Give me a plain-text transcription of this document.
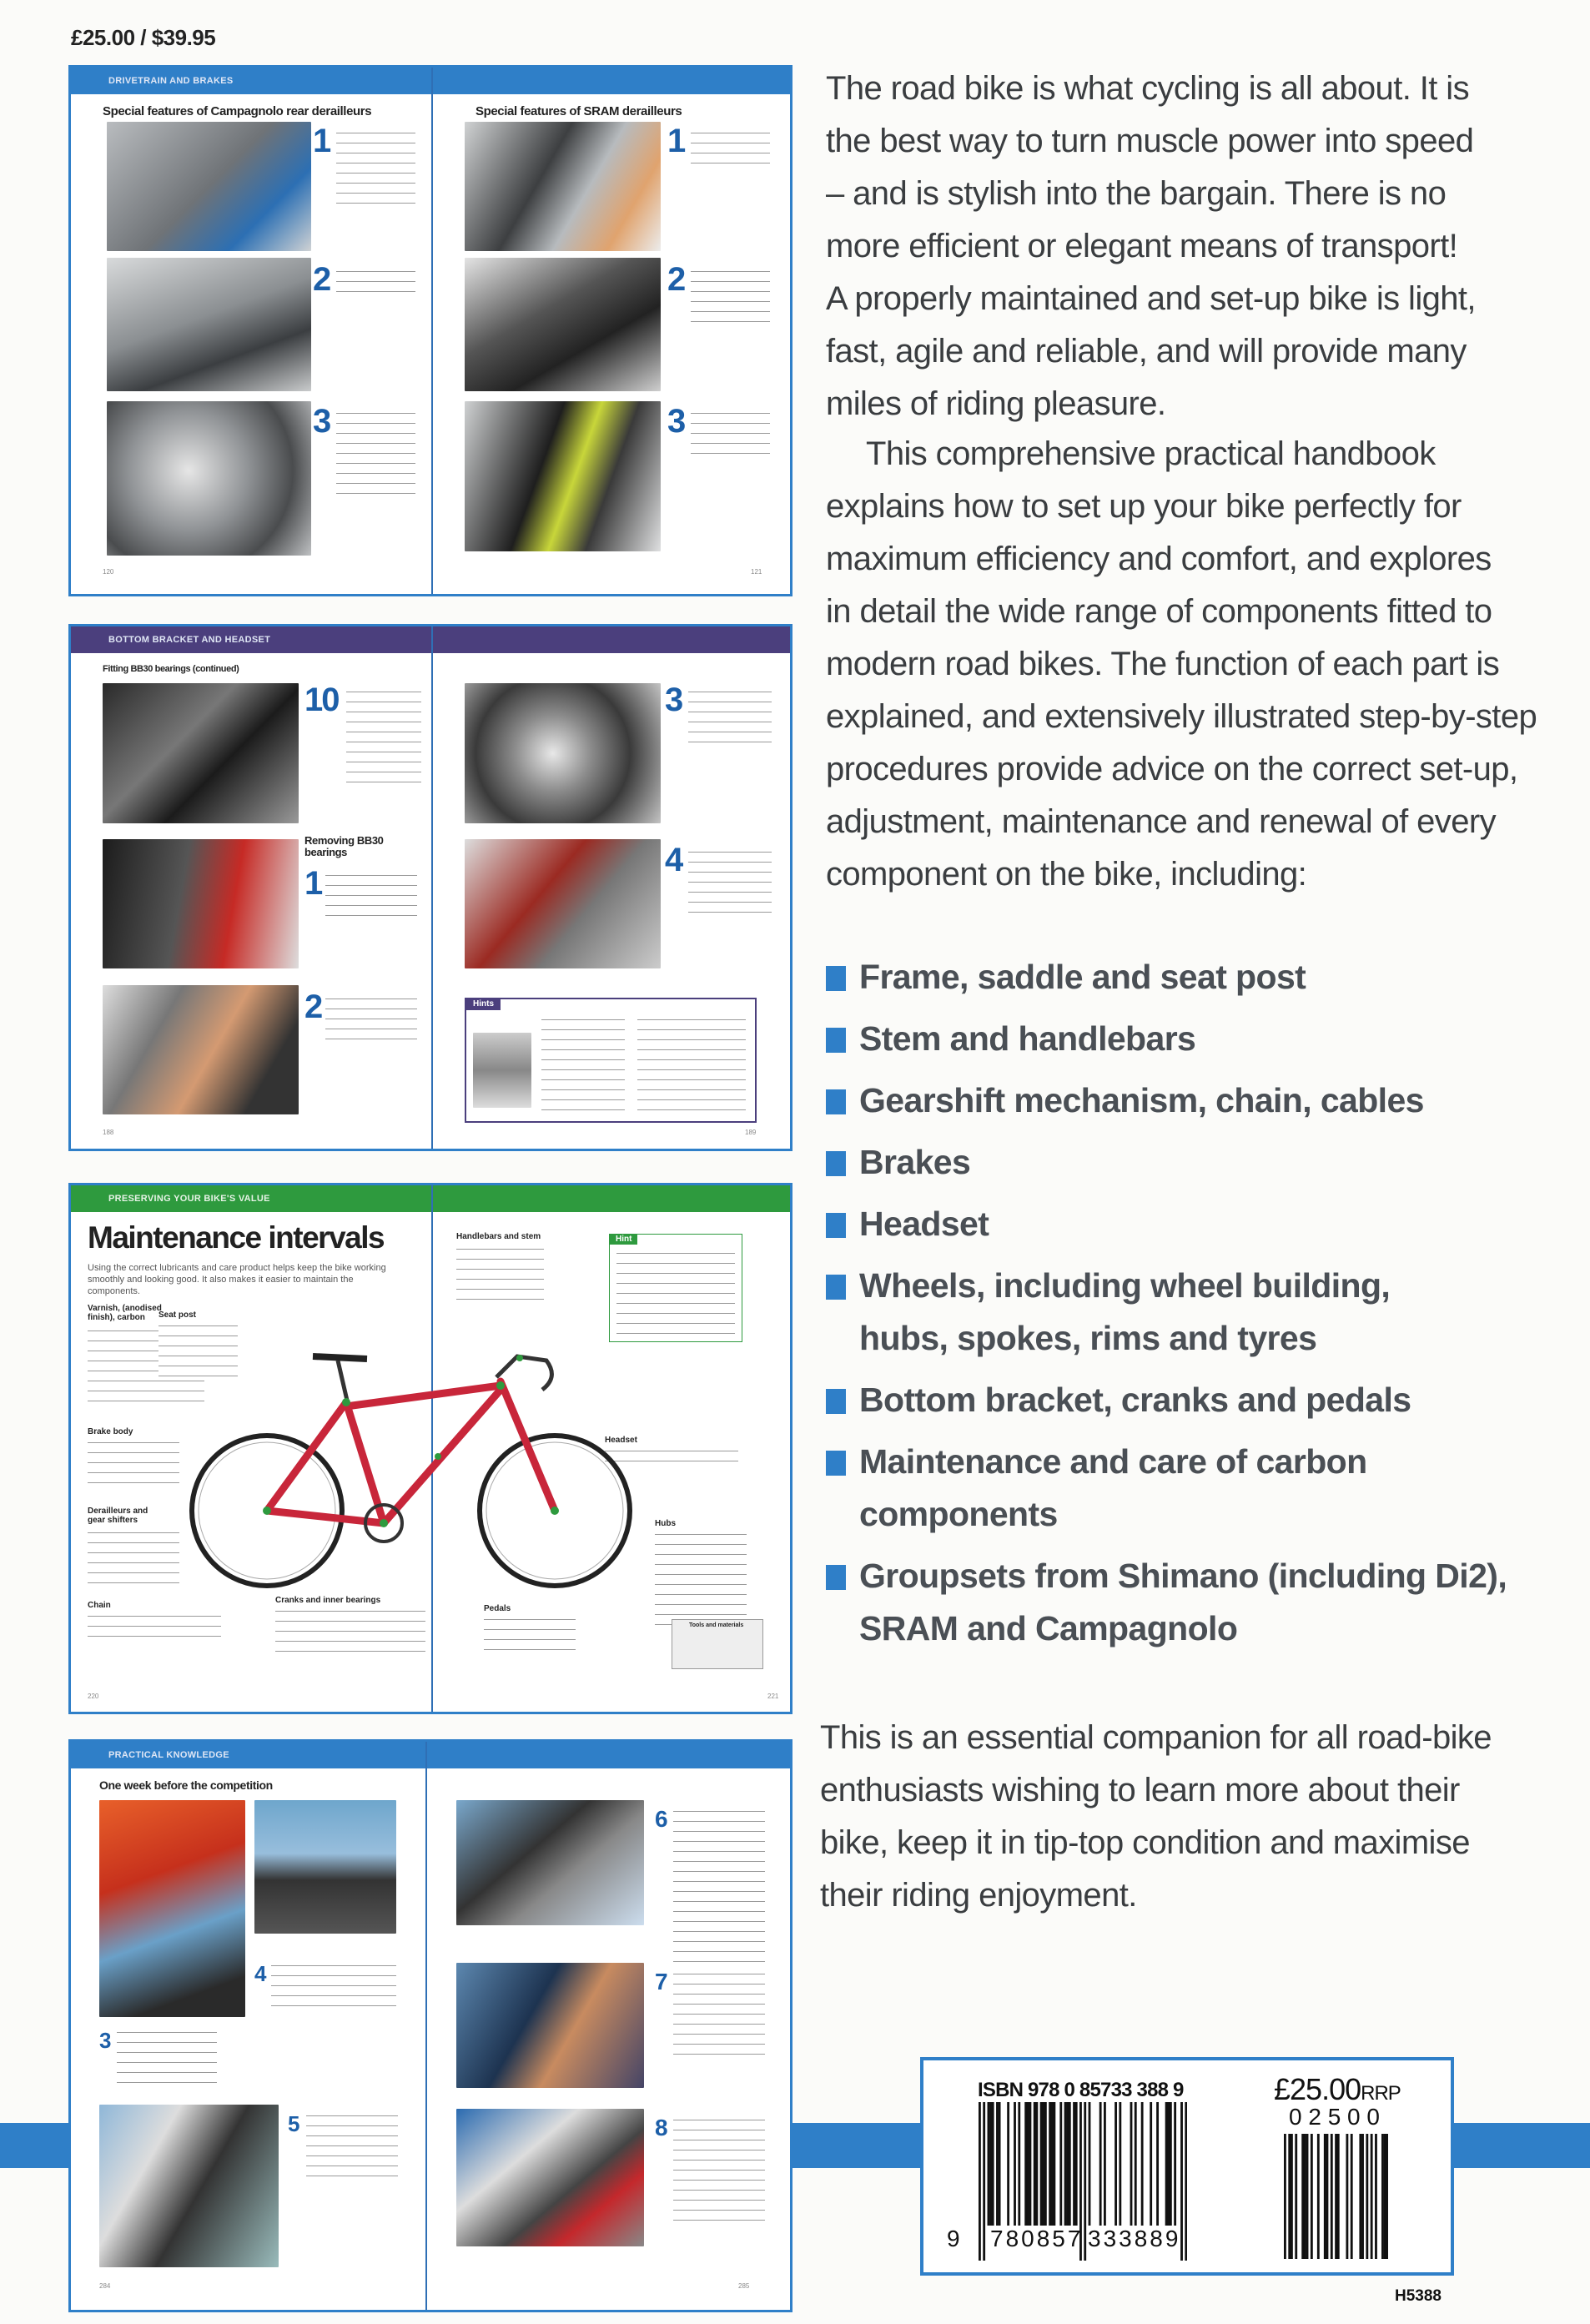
£25.00 / $39.95
DRIVETRAIN AND BRAKES
Special features of Campagnolo rear derailleurs	Special features of SRAM derailleurs
1
2
3
1
2
3
120	121
BOTTOM BRACKET AND HEADSET
Fitting BB30 bearings (continued)
10
Removing BB30 bearings
1
2
3
4
Hints
188	189
PRESERVING YOUR BIKE'S VALUE
Maintenance intervals
Using the correct lubricants and care product helps keep the bike working smoothly and looking good. It also makes it easier to maintain the components.
Varnish, (anodised finish), carbon	Seat post
Brake body
Derailleurs and gear shifters
Chain
Cranks and inner bearings
Pedals
Headset
Hubs
Handlebars and stem	Hint
Tools and materials
220	221
PRACTICAL KNOWLEDGE
One week before the competition
4
3
5
6
7
8
284	285
The road bike is what cycling is all about. It is
the best way to turn muscle power into speed
– and is stylish into the bargain. There is no
more efficient or elegant means of transport!
A properly maintained and set-up bike is light,
fast, agile and reliable, and will provide many
miles of riding pleasure.
This comprehensive practical handbook
explains how to set up your bike perfectly for
maximum efficiency and comfort, and explores
in detail the wide range of components fitted to
modern road bikes. The function of each part is
explained, and extensively illustrated step-by-step
procedures provide advice on the correct set-up,
adjustment, maintenance and renewal of every
component on the bike, including:
Frame, saddle and seat post
Stem and handlebars
Gearshift mechanism, chain, cables
Brakes
Headset
Wheels, including wheel building,
hubs, spokes, rims and tyres
Bottom bracket, cranks and pedals
Maintenance and care of carbon
components
Groupsets from Shimano (including Di2),
SRAM and Campagnolo
This is an essential companion for all road-bike
enthusiasts wishing to learn more about their
bike, keep it in tip-top condition and maximise
their riding enjoyment.
ISBN 978 0 85733 388 9	£25.00RRP
0 2 5 0 0
9 780857 333889
H5388
